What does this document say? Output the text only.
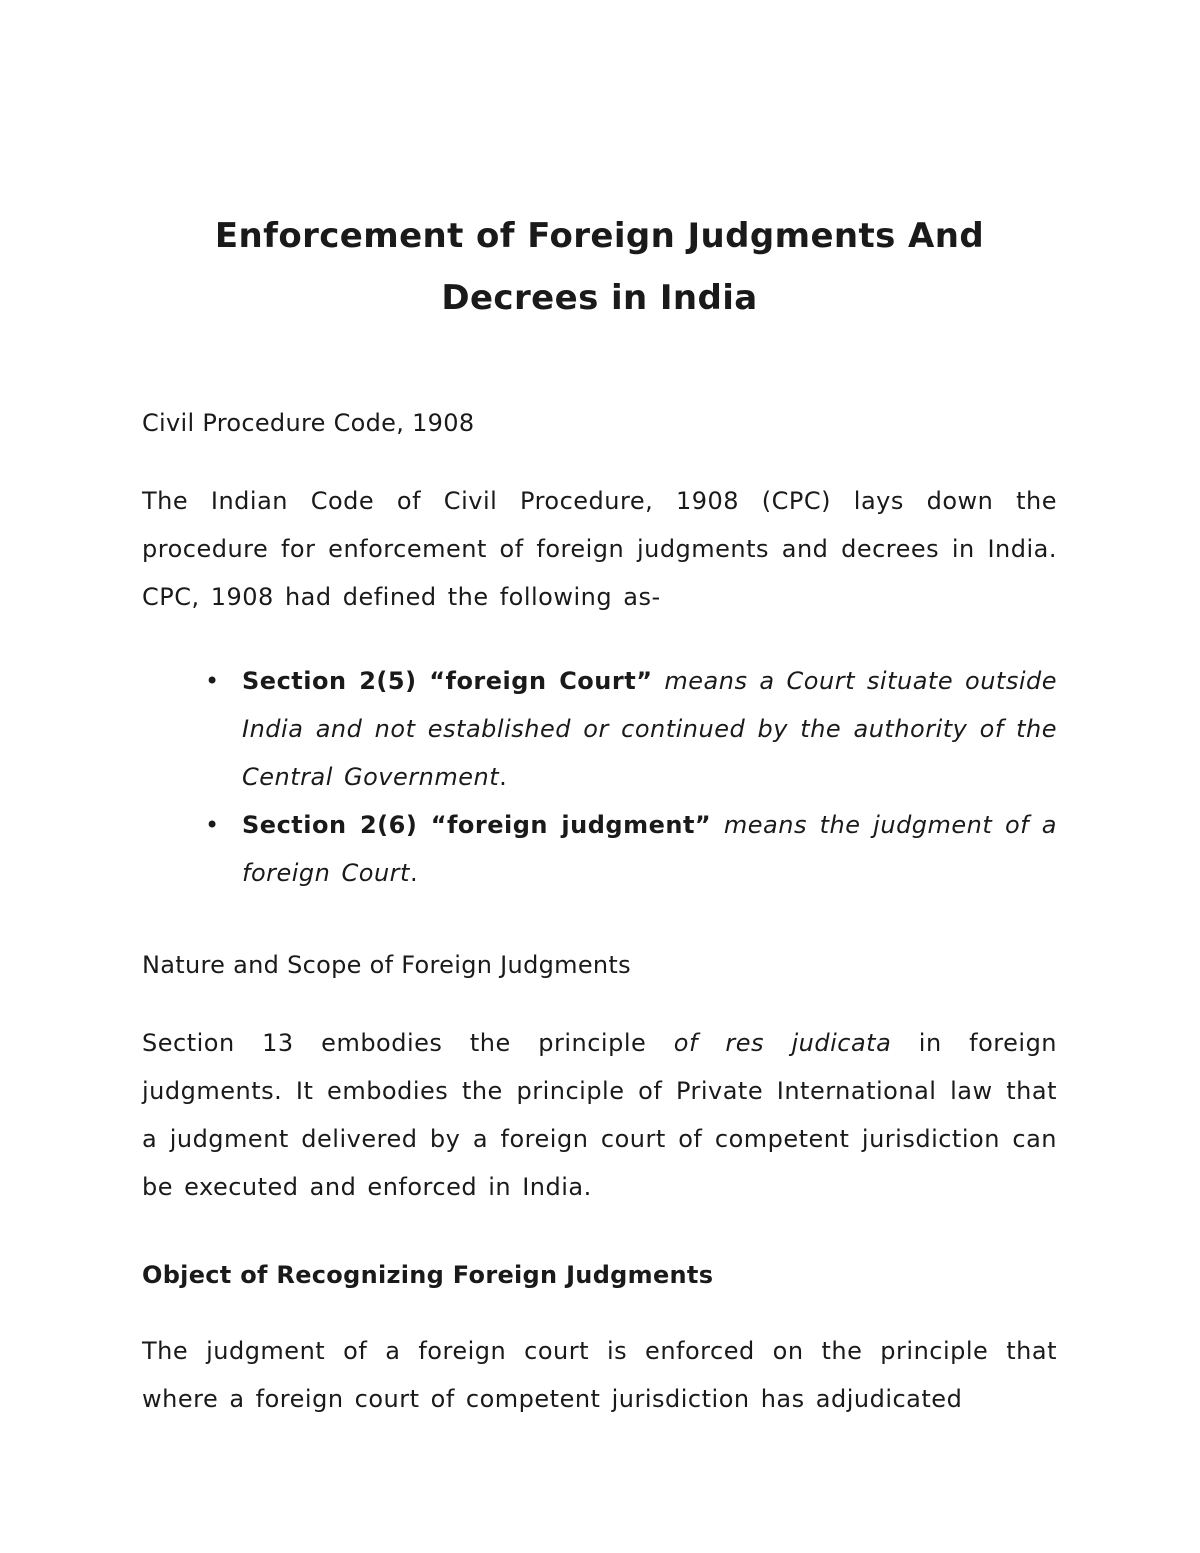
Enforcement of Foreign Judgments And
Decrees in India
Civil Procedure Code, 1908

The Indian Code of Civil Procedure, 1908 (CPC) lays down the procedure for enforcement of foreign judgments and decrees in India. CPC, 1908 had defined the following as-

• Section 2(5) “foreign Court” means a Court situate outside India and not established or continued by the authority of the Central Government.
• Section 2(6) “foreign judgment” means the judgment of a foreign Court.
Nature and Scope of Foreign Judgments

Section 13 embodies the principle of res judicata in foreign judgments. It embodies the principle of Private International law that a judgment delivered by a foreign court of competent jurisdiction can be executed and enforced in India.

Object of Recognizing Foreign Judgments

The judgment of a foreign court is enforced on the principle that where a foreign court of competent jurisdiction has adjudicated
